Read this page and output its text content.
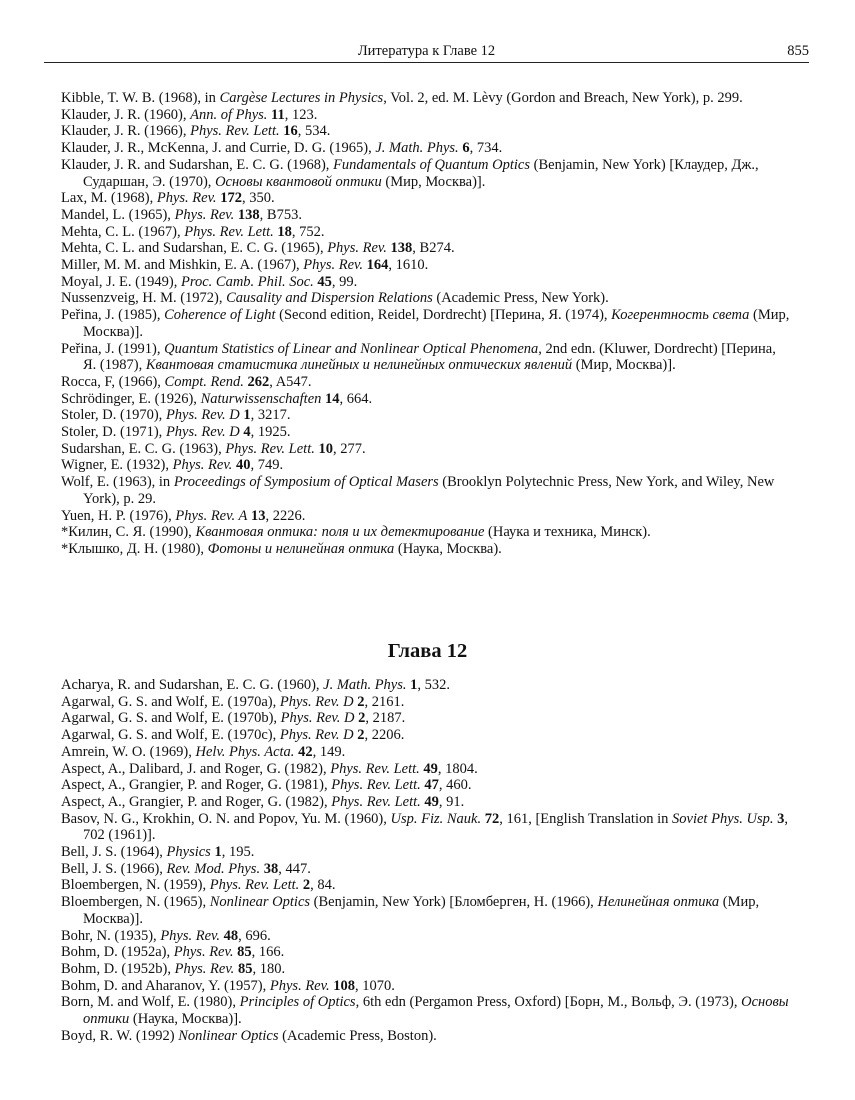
Литература к Главе 12	855
Kibble, T. W. B. (1968), in Cargèse Lectures in Physics, Vol. 2, ed. M. Lèvy (Gordon and Breach, New York), p. 299.
Klauder, J. R. (1960), Ann. of Phys. 11, 123.
Klauder, J. R. (1966), Phys. Rev. Lett. 16, 534.
Klauder, J. R., McKenna, J. and Currie, D. G. (1965), J. Math. Phys. 6, 734.
Klauder, J. R. and Sudarshan, E. C. G. (1968), Fundamentals of Quantum Optics (Benjamin, New York) [Клаудер, Дж., Сударшан, Э. (1970), Основы квантовой оптики (Мир, Москва)].
Lax, M. (1968), Phys. Rev. 172, 350.
Mandel, L. (1965), Phys. Rev. 138, B753.
Mehta, C. L. (1967), Phys. Rev. Lett. 18, 752.
Mehta, C. L. and Sudarshan, E. C. G. (1965), Phys. Rev. 138, B274.
Miller, M. M. and Mishkin, E. A. (1967), Phys. Rev. 164, 1610.
Moyal, J. E. (1949), Proc. Camb. Phil. Soc. 45, 99.
Nussenzveig, H. M. (1972), Causality and Dispersion Relations (Academic Press, New York).
Peřina, J. (1985), Coherence of Light (Second edition, Reidel, Dordrecht) [Перина, Я. (1974), Когерентность света (Мир, Москва)].
Peřina, J. (1991), Quantum Statistics of Linear and Nonlinear Optical Phenomena, 2nd edn. (Kluwer, Dordrecht) [Перина, Я. (1987), Квантовая статистика линейных и нелинейных оптических явлений (Мир, Москва)].
Rocca, F, (1966), Compt. Rend. 262, A547.
Schrödinger, E. (1926), Naturwissenschaften 14, 664.
Stoler, D. (1970), Phys. Rev. D 1, 3217.
Stoler, D. (1971), Phys. Rev. D 4, 1925.
Sudarshan, E. C. G. (1963), Phys. Rev. Lett. 10, 277.
Wigner, E. (1932), Phys. Rev. 40, 749.
Wolf, E. (1963), in Proceedings of Symposium of Optical Masers (Brooklyn Polytechnic Press, New York, and Wiley, New York), p. 29.
Yuen, H. P. (1976), Phys. Rev. A 13, 2226.
*Килин, С. Я. (1990), Квантовая оптика: поля и их детектирование (Наука и техника, Минск).
*Клышко, Д. Н. (1980), Фотоны и нелинейная оптика (Наука, Москва).
Глава 12
Acharya, R. and Sudarshan, E. C. G. (1960), J. Math. Phys. 1, 532.
Agarwal, G. S. and Wolf, E. (1970a), Phys. Rev. D 2, 2161.
Agarwal, G. S. and Wolf, E. (1970b), Phys. Rev. D 2, 2187.
Agarwal, G. S. and Wolf, E. (1970c), Phys. Rev. D 2, 2206.
Amrein, W. O. (1969), Helv. Phys. Acta. 42, 149.
Aspect, A., Dalibard, J. and Roger, G. (1982), Phys. Rev. Lett. 49, 1804.
Aspect, A., Grangier, P. and Roger, G. (1981), Phys. Rev. Lett. 47, 460.
Aspect, A., Grangier, P. and Roger, G. (1982), Phys. Rev. Lett. 49, 91.
Basov, N. G., Krokhin, O. N. and Popov, Yu. M. (1960), Usp. Fiz. Nauk. 72, 161, [English Translation in Soviet Phys. Usp. 3, 702 (1961)].
Bell, J. S. (1964), Physics 1, 195.
Bell, J. S. (1966), Rev. Mod. Phys. 38, 447.
Bloembergen, N. (1959), Phys. Rev. Lett. 2, 84.
Bloembergen, N. (1965), Nonlinear Optics (Benjamin, New York) [Бломберген, Н. (1966), Нелинейная оптика (Мир, Москва)].
Bohr, N. (1935), Phys. Rev. 48, 696.
Bohm, D. (1952a), Phys. Rev. 85, 166.
Bohm, D. (1952b), Phys. Rev. 85, 180.
Bohm, D. and Aharanov, Y. (1957), Phys. Rev. 108, 1070.
Born, M. and Wolf, E. (1980), Principles of Optics, 6th edn (Pergamon Press, Oxford) [Борн, М., Вольф, Э. (1973), Основы оптики (Наука, Москва)].
Boyd, R. W. (1992) Nonlinear Optics (Academic Press, Boston).
